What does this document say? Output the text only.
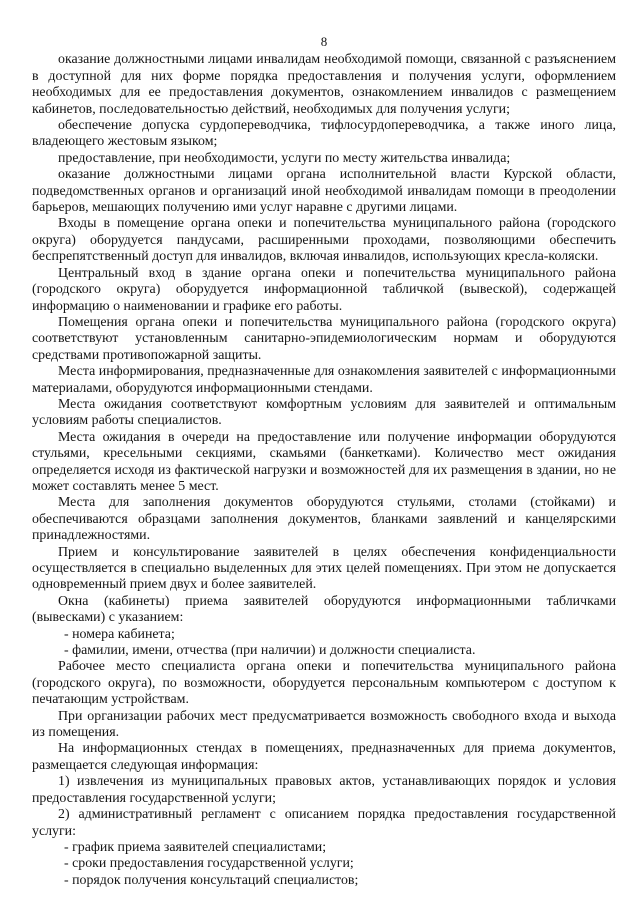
8

оказание должностными лицами инвалидам необходимой помощи, связанной с разъяснением в доступной для них форме порядка предоставления и получения услуги, оформлением необходимых для ее предоставления документов, ознакомлением инвалидов с размещением кабинетов, последовательностью действий, необходимых для получения услуги;

обеспечение допуска сурдопереводчика, тифлосурдопереводчика, а также иного лица, владеющего жестовым языком;

предоставление, при необходимости, услуги по месту жительства инвалида;

оказание должностными лицами органа исполнительной власти Курской области, подведомственных органов и организаций иной необходимой инвалидам помощи в преодолении барьеров, мешающих получению ими услуг наравне с другими лицами.

Входы в помещение органа опеки и попечительства муниципального района (городского округа) оборудуется пандусами, расширенными проходами, позволяющими обеспечить беспрепятственный доступ для инвалидов, включая инвалидов, использующих кресла-коляски.

Центральный вход в здание органа опеки и попечительства муниципального района (городского округа) оборудуется информационной табличкой (вывеской), содержащей информацию о наименовании и графике его работы.

Помещения органа опеки и попечительства муниципального района (городского округа) соответствуют установленным санитарно-эпидемиологическим нормам и оборудуются средствами противопожарной защиты.

Места информирования, предназначенные для ознакомления заявителей с информационными материалами, оборудуются информационными стендами.

Места ожидания соответствуют комфортным условиям для заявителей и оптимальным условиям работы специалистов.

Места ожидания в очереди на предоставление или получение информации оборудуются стульями, кресельными секциями, скамьями (банкетками). Количество мест ожидания определяется исходя из фактической нагрузки и возможностей для их размещения в здании, но не может составлять менее 5 мест.

Места для заполнения документов оборудуются стульями, столами (стойками) и обеспечиваются образцами заполнения документов, бланками заявлений и канцелярскими принадлежностями.

Прием и консультирование заявителей в целях обеспечения конфиденциальности осуществляется в специально выделенных для этих целей помещениях. При этом не допускается одновременный прием двух и более заявителей.

Окна (кабинеты) приема заявителей оборудуются информационными табличками (вывесками) с указанием:

- номера кабинета;

- фамилии, имени, отчества (при наличии) и должности специалиста.

Рабочее место специалиста органа опеки и попечительства муниципального района (городского округа), по возможности, оборудуется персональным компьютером с доступом к печатающим устройствам.

При организации рабочих мест предусматривается возможность свободного входа и выхода из помещения.

На информационных стендах в помещениях, предназначенных для приема документов, размещается следующая информация:

1) извлечения из муниципальных правовых актов, устанавливающих порядок и условия предоставления государственной услуги;

2) административный регламент с описанием порядка предоставления государственной услуги:

- график приема заявителей специалистами;

- сроки предоставления государственной услуги;

- порядок получения консультаций специалистов;
